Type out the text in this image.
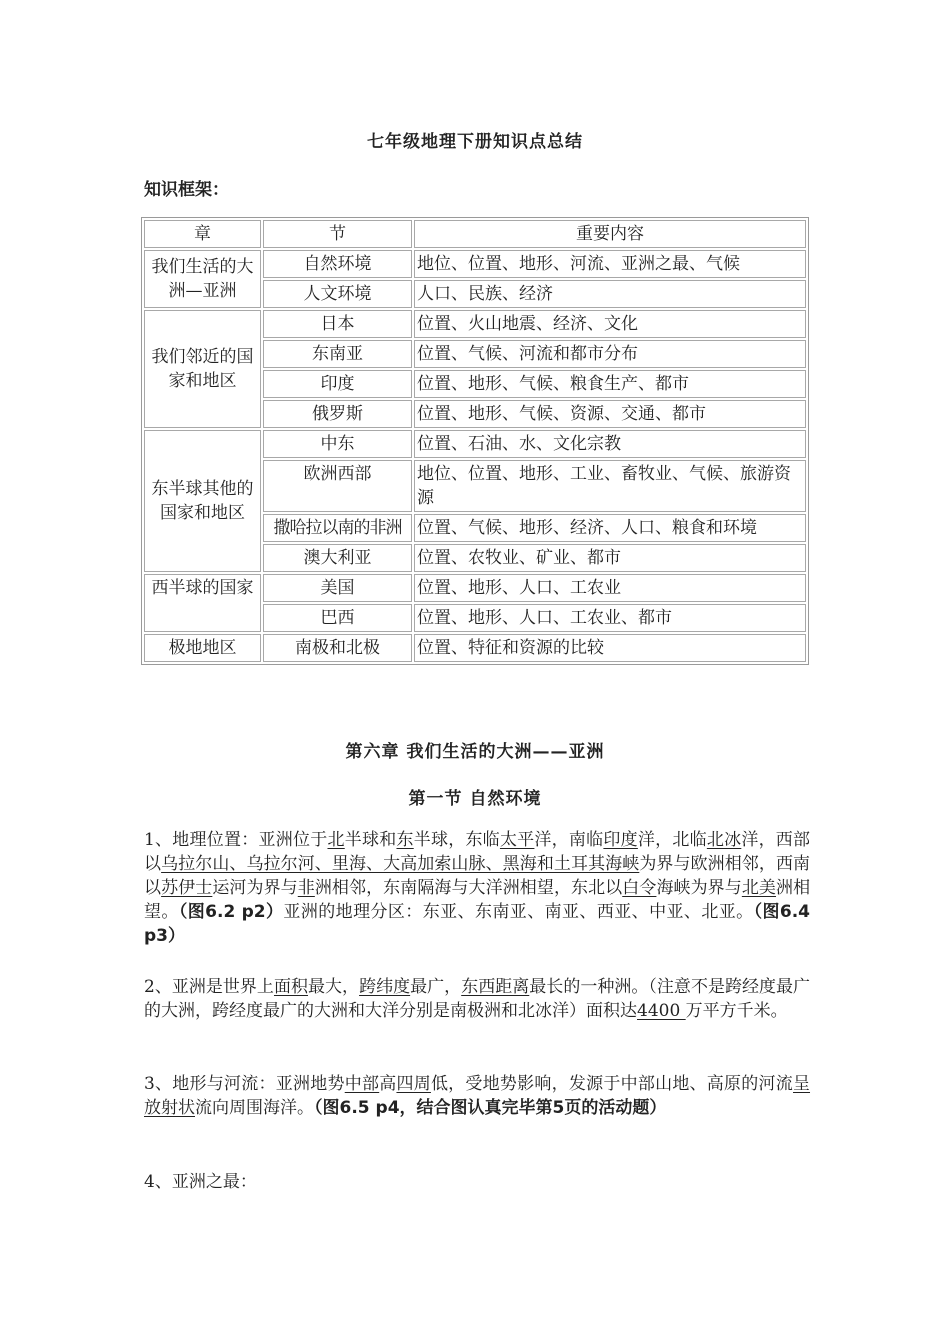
七年级地理下册知识点总结
知识框架：
章	节	重要内容
我们生活的大洲—亚洲	自然环境	地位、位置、地形、河流、亚洲之最、气候
	人文环境	人口、民族、经济
我们邻近的国家和地区	日本	位置、火山地震、经济、文化
	东南亚	位置、气候、河流和都市分布
	印度	位置、地形、气候、粮食生产、都市
	俄罗斯	位置、地形、气候、资源、交通、都市
东半球其他的国家和地区	中东	位置、石油、水、文化宗教
	欧洲西部	地位、位置、地形、工业、畜牧业、气候、旅游资源
	撒哈拉以南的非洲	位置、气候、地形、经济、人口、粮食和环境
	澳大利亚	位置、农牧业、矿业、都市
西半球的国家	美国	位置、地形、人口、工农业
	巴西	位置、地形、人口、工农业、都市
极地地区	南极和北极	位置、特征和资源的比较
第六章 我们生活的大洲——亚洲
第一节 自然环境
1、地理位置：亚洲位于北半球和东半球，东临太平洋，南临印度洋，北临北冰洋，西部以乌拉尔山、乌拉尔河、里海、大高加索山脉、黑海和土耳其海峡为界与欧洲相邻，西南以苏伊士运河为界与非洲相邻，东南隔海与大洋洲相望，东北以白令海峡为界与北美洲相望。（图6.2 p2）亚洲的地理分区：东亚、东南亚、南亚、西亚、中亚、北亚。（图6.4 p3）
2、亚洲是世界上面积最大，跨纬度最广，东西距离最长的一种洲。（注意不是跨经度最广的大洲，跨经度最广的大洲和大洋分别是南极洲和北冰洋）面积达4400 万平方千米。
3、地形与河流：亚洲地势中部高四周低，受地势影响，发源于中部山地、高原的河流呈放射状流向周围海洋。（图6.5 p4，结合图认真完毕第5页的活动题）
4、亚洲之最：
